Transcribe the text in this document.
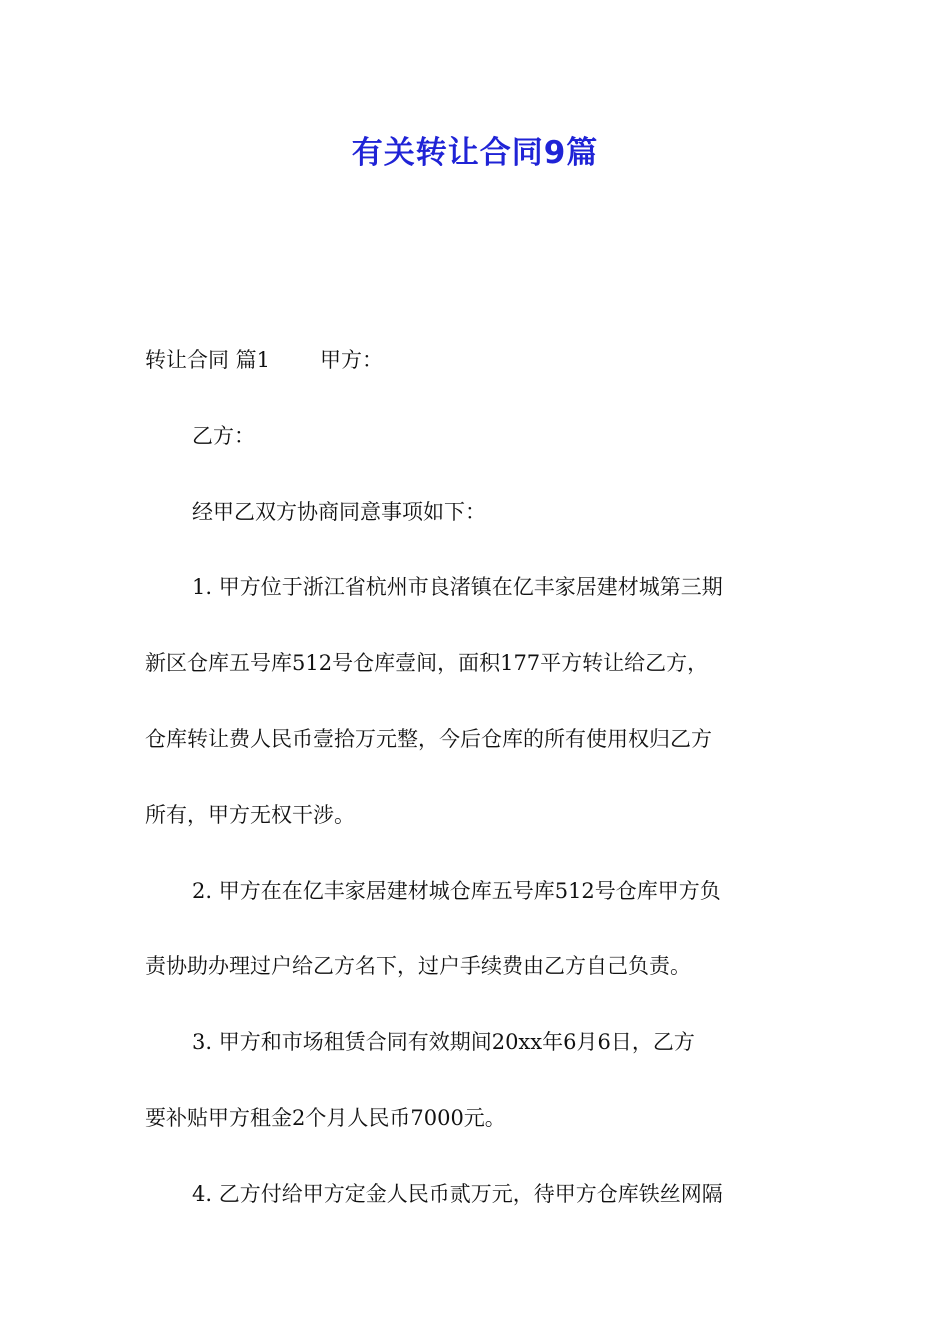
有关转让合同9篇
转让合同 篇1 甲方：
乙方：
经甲乙双方协商同意事项如下：
1. 甲方位于浙江省杭州市良渚镇在亿丰家居建材城第三期
新区仓库五号库512号仓库壹间，面积177平方转让给乙方，
仓库转让费人民币壹拾万元整，今后仓库的所有使用权归乙方
所有，甲方无权干涉。
2. 甲方在在亿丰家居建材城仓库五号库512号仓库甲方负
责协助办理过户给乙方名下，过户手续费由乙方自己负责。
3. 甲方和市场租赁合同有效期间20xx年6月6日，乙方
要补贴甲方租金2个月人民币7000元。
4. 乙方付给甲方定金人民币贰万元，待甲方仓库铁丝网隔
